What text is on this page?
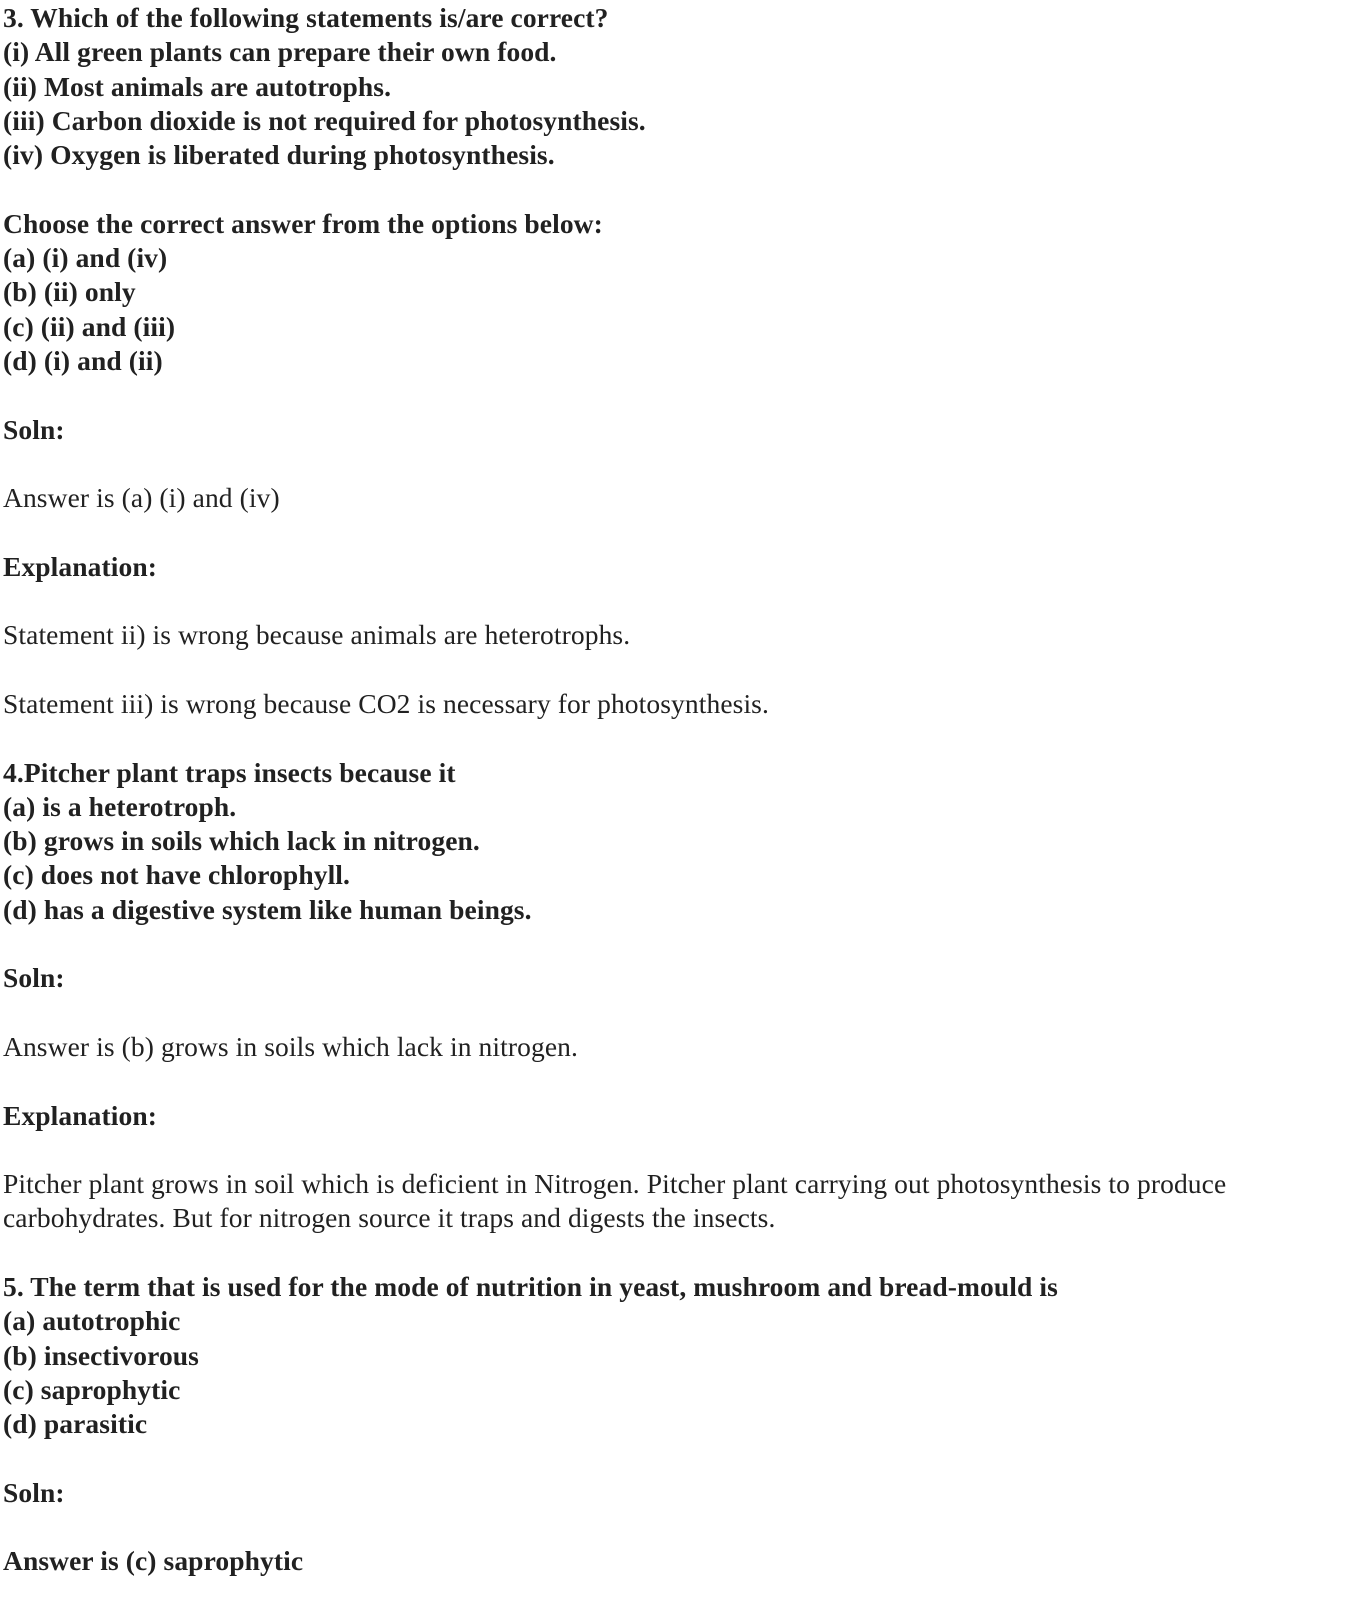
3. Which of the following statements is/are correct?
(i) All green plants can prepare their own food.
(ii) Most animals are autotrophs.
(iii) Carbon dioxide is not required for photosynthesis.
(iv) Oxygen is liberated during photosynthesis.
Choose the correct answer from the options below:
(a) (i) and (iv)
(b) (ii) only
(c) (ii) and (iii)
(d) (i) and (ii)
Soln:
Answer is (a) (i) and (iv)
Explanation:
Statement ii) is wrong because animals are heterotrophs.
Statement iii) is wrong because CO2 is necessary for photosynthesis.
4.Pitcher plant traps insects because it
(a) is a heterotroph.
(b) grows in soils which lack in nitrogen.
(c) does not have chlorophyll.
(d) has a digestive system like human beings.
Soln:
Answer is (b) grows in soils which lack in nitrogen.
Explanation:
Pitcher plant grows in soil which is deficient in Nitrogen. Pitcher plant carrying out photosynthesis to produce
carbohydrates. But for nitrogen source it traps and digests the insects.
5. The term that is used for the mode of nutrition in yeast, mushroom and bread-mould is
(a) autotrophic
(b) insectivorous
(c) saprophytic
(d) parasitic
Soln:
Answer is (c) saprophytic
